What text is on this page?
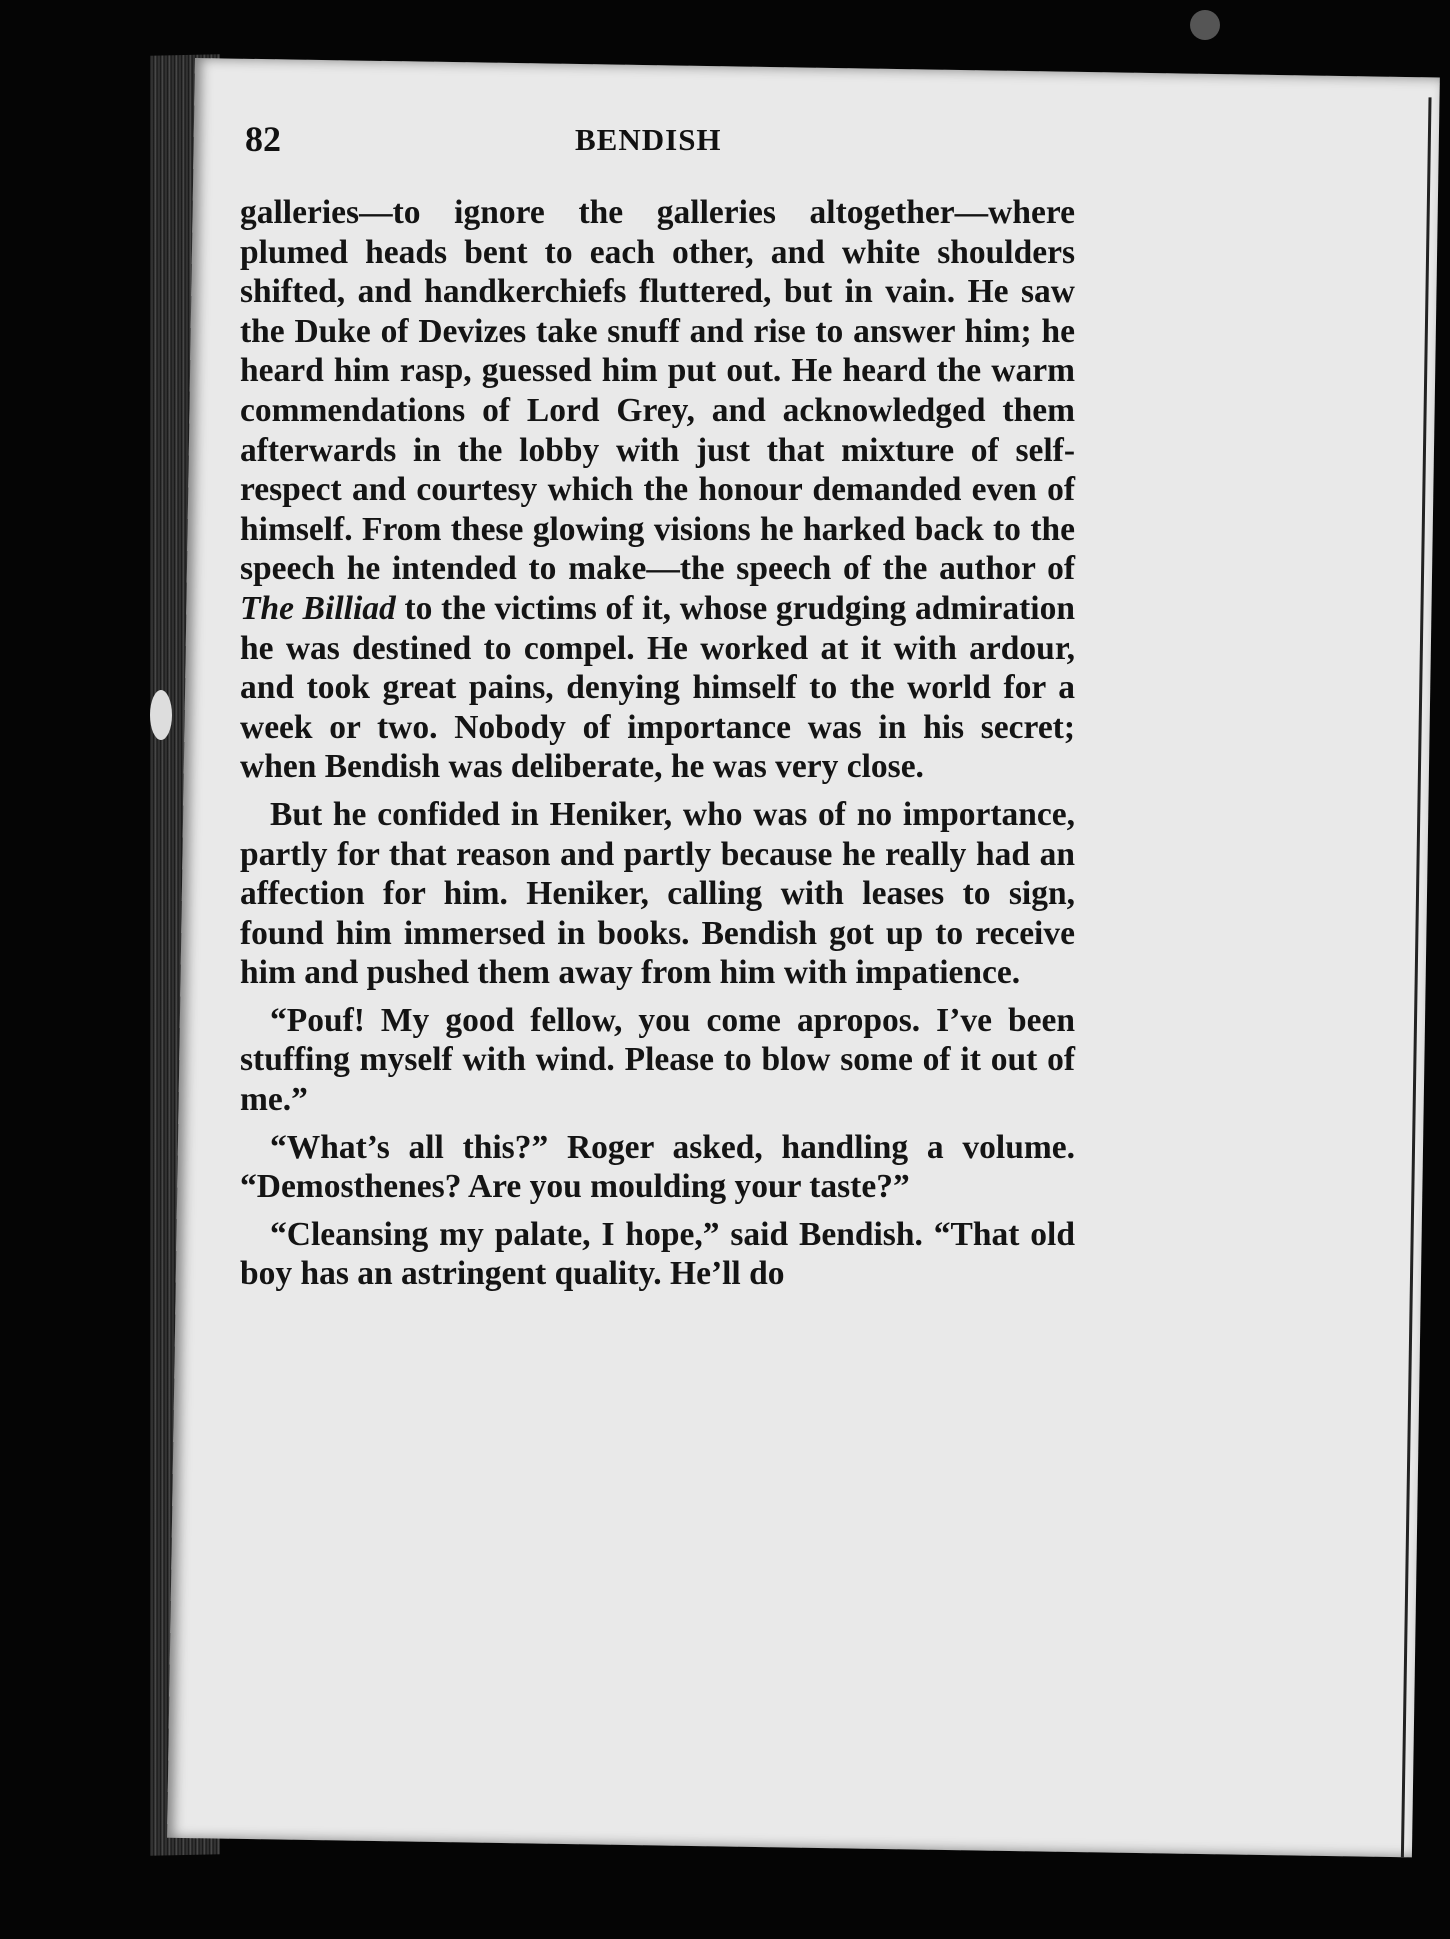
82	BENDISH

galleries—to ignore the galleries altogether—where plumed heads bent to each other, and white shoulders shifted, and handkerchiefs fluttered, but in vain. He saw the Duke of Devizes take snuff and rise to answer him; he heard him rasp, guessed him put out. He heard the warm commendations of Lord Grey, and acknowledged them afterwards in the lobby with just that mixture of self-respect and courtesy which the honour demanded even of himself. From these glowing visions he harked back to the speech he intended to make—the speech of the author of The Billiad to the victims of it, whose grudging admiration he was destined to compel. He worked at it with ardour, and took great pains, denying himself to the world for a week or two. Nobody of importance was in his secret; when Bendish was deliberate, he was very close.

But he confided in Heniker, who was of no importance, partly for that reason and partly because he really had an affection for him. Heniker, calling with leases to sign, found him immersed in books. Bendish got up to receive him and pushed them away from him with impatience.

“Pouf! My good fellow, you come apropos. I’ve been stuffing myself with wind. Please to blow some of it out of me.”

“What’s all this?” Roger asked, handling a volume. “Demosthenes? Are you moulding your taste?”

“Cleansing my palate, I hope,” said Bendish. “That old boy has an astringent quality. He’ll do
